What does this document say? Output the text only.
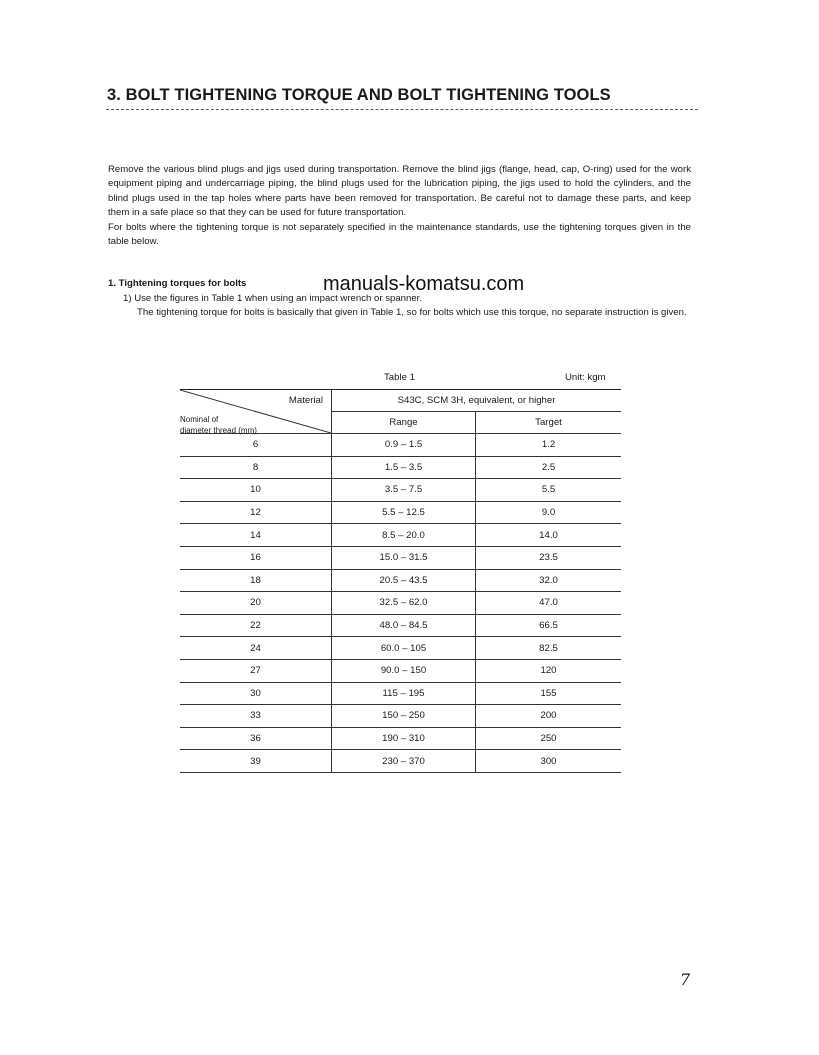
3. BOLT TIGHTENING TORQUE AND BOLT TIGHTENING TOOLS

Remove the various blind plugs and jigs used during transportation. Remove the blind jigs (flange, head, cap, O-ring) used for the work equipment piping and undercarriage piping, the blind plugs used for the lubrication piping, the jigs used to hold the cylinders, and the blind plugs used in the tap holes where parts have been removed for transportation. Be careful not to damage these parts, and keep them in a safe place so that they can be used for future transportation.

For bolts where the tightening torque is not separately specified in the maintenance standards, use the tightening torques given in the table below.

1. Tightening torques for bolts	manuals-komatsu.com
1) Use the figures in Table 1 when using an impact wrench or spanner.
The tightening torque for bolts is basically that given in Table 1, so for bolts which use this torque, no separate instruction is given.
Table 1	Unit: kgm
Material
Nominal of
diameter thread (mm)	S43C, SCM 3H, equivalent, or higher	
	Range	Target
6	0.9 – 1.5	1.2
8	1.5 – 3.5	2.5
10	3.5 – 7.5	5.5
12	5.5 – 12.5	9.0
14	8.5 – 20.0	14.0
16	15.0 – 31.5	23.5
18	20.5 – 43.5	32.0
20	32.5 – 62.0	47.0
22	48.0 – 84.5	66.5
24	60.0 – 105	82.5
27	90.0 – 150	120
30	115 – 195	155
33	150 – 250	200
36	190 – 310	250
39	230 – 370	300
7
